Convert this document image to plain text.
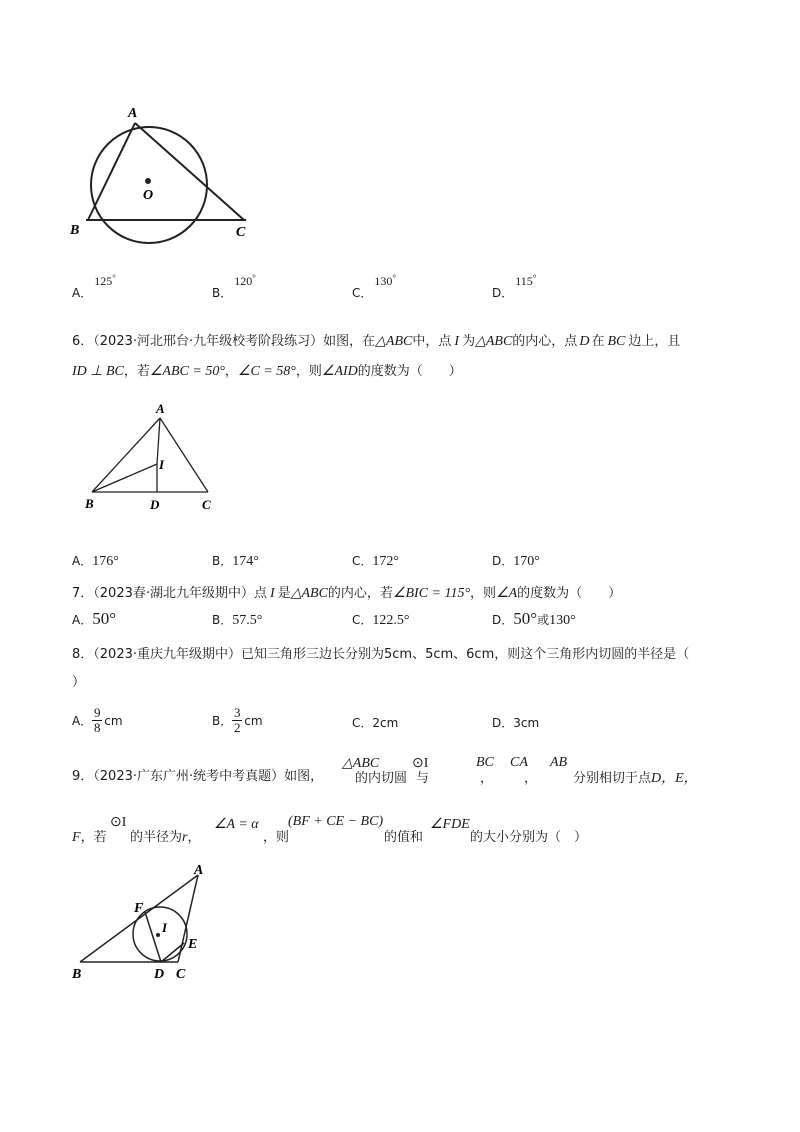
A
O
B	C
A．125°
B．120°
C．130°
D．115°
6．（2023·河北邢台·九年级校考阶段练习）如图，在△ABC中，点 I 为△ABC的内心，点 D 在 BC 边上，且
ID ⊥ BC，若∠ABC = 50°，∠C = 58°，则∠AID的度数为（　　）
A
I
B	D	C
A．176°	B．174°	C．172°	D．170°
7．（2023春·湖北九年级期中）点 I 是△ABC的内心，若∠BIC = 115°，则∠A的度数为（　　）
A．50°	B．57.5°	C．122.5°	D．50°或130°
8．（2023·重庆九年级期中）已知三角形三边长分别为5cm、5cm、6cm，则这个三角形内切圆的半径是（
）
A． $\frac{9}{8}$ cm	B． $\frac{3}{2}$ cm	C．2cm	D．3cm
9．（2023·广东广州·统考中考真题）如图，
△ABC
的内切圆
⊙I
与
BC
，
CA
，
AB
分别相切于点D，E，
F，若
⊙I
的半径为r，
∠A = α
，则
(BF + CE − BC)
的值和
∠FDE
的大小分别为（　）
A
F
I
E
B	D C
